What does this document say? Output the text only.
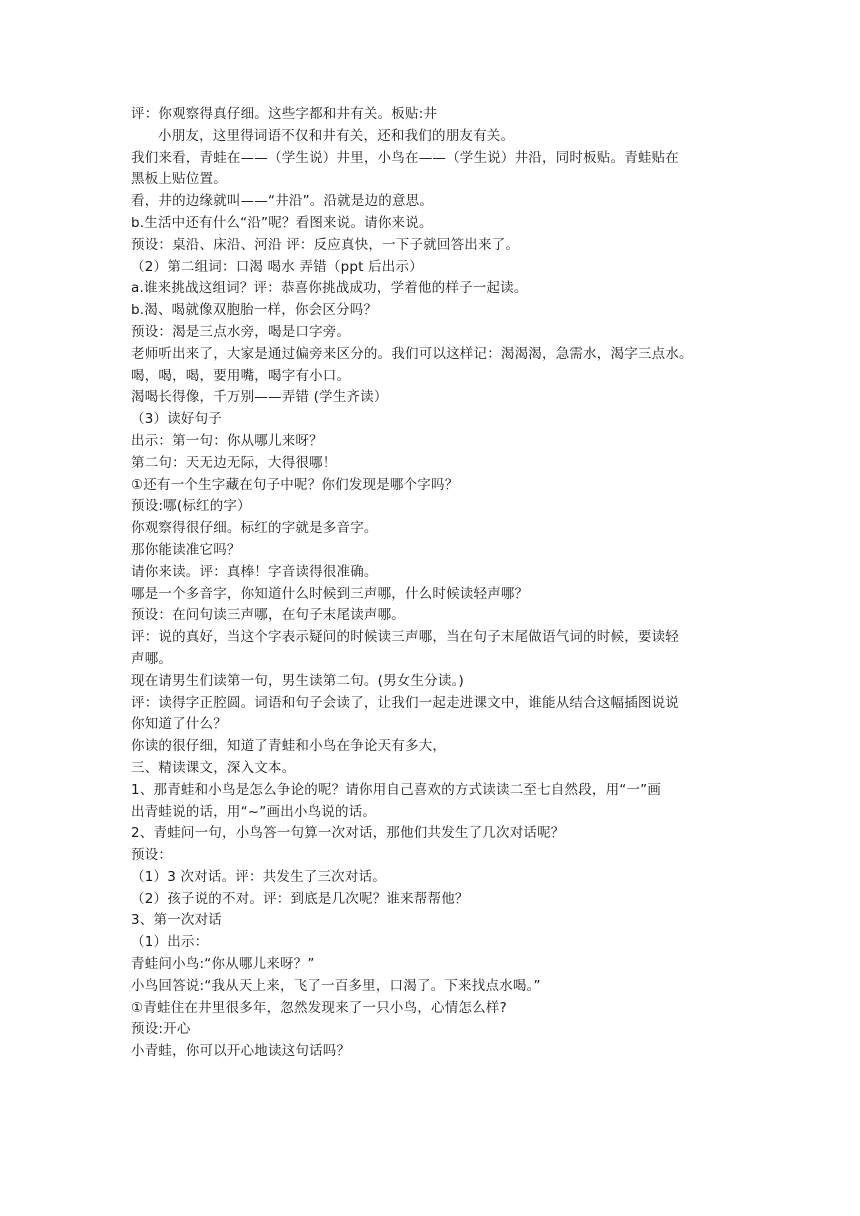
评：你观察得真仔细。这些字都和井有关。板贴:井
小朋友，这里得词语不仅和井有关，还和我们的朋友有关。
我们来看，青蛙在——（学生说）井里，小鸟在——（学生说）井沿，同时板贴。青蛙贴在
黑板上贴位置。
看，井的边缘就叫——“井沿”。沿就是边的意思。
b.生活中还有什么“沿”呢？看图来说。请你来说。
预设：桌沿、床沿、河沿 评：反应真快，一下子就回答出来了。
（2）第二组词：口渴 喝水 弄错（ppt 后出示）
a.谁来挑战这组词？评：恭喜你挑战成功，学着他的样子一起读。
b.渴、喝就像双胞胎一样，你会区分吗？
预设：渴是三点水旁，喝是口字旁。
老师听出来了，大家是通过偏旁来区分的。我们可以这样记：渴渴渴，急需水，渴字三点水。
喝，喝，喝，要用嘴，喝字有小口。
渴喝长得像，千万别——弄错 (学生齐读）
（3）读好句子
出示：第一句：你从哪儿来呀？
第二句：天无边无际，大得很哪！
①还有一个生字藏在句子中呢？你们发现是哪个字吗？
预设:哪(标红的字）
你观察得很仔细。标红的字就是多音字。
那你能读准它吗？
请你来读。评：真棒！字音读得很准确。
哪是一个多音字，你知道什么时候到三声哪，什么时候读轻声哪？
预设：在问句读三声哪，在句子末尾读声哪。
评：说的真好，当这个字表示疑问的时候读三声哪，当在句子末尾做语气词的时候，要读轻
声哪。
现在请男生们读第一句，男生读第二句。(男女生分读。)
评：读得字正腔圆。词语和句子会读了，让我们一起走进课文中，谁能从结合这幅插图说说
你知道了什么？
你读的很仔细，知道了青蛙和小鸟在争论天有多大，
三、精读课文，深入文本。
1、那青蛙和小鸟是怎么争论的呢？请你用自己喜欢的方式读读二至七自然段，用“一”画
出青蛙说的话，用“~”画出小鸟说的话。
2、青蛙问一句，小鸟答一句算一次对话，那他们共发生了几次对话呢？
预设：
（1）3 次对话。评：共发生了三次对话。
（2）孩子说的不对。评：到底是几次呢？谁来帮帮他？
3、第一次对话
（1）出示：
青蛙问小鸟:“你从哪儿来呀？”
小鸟回答说:“我从天上来，飞了一百多里，口渴了。下来找点水喝。”
①青蛙住在井里很多年，忽然发现来了一只小鸟，心情怎么样?
预设:开心
小青蛙，你可以开心地读这句话吗？
